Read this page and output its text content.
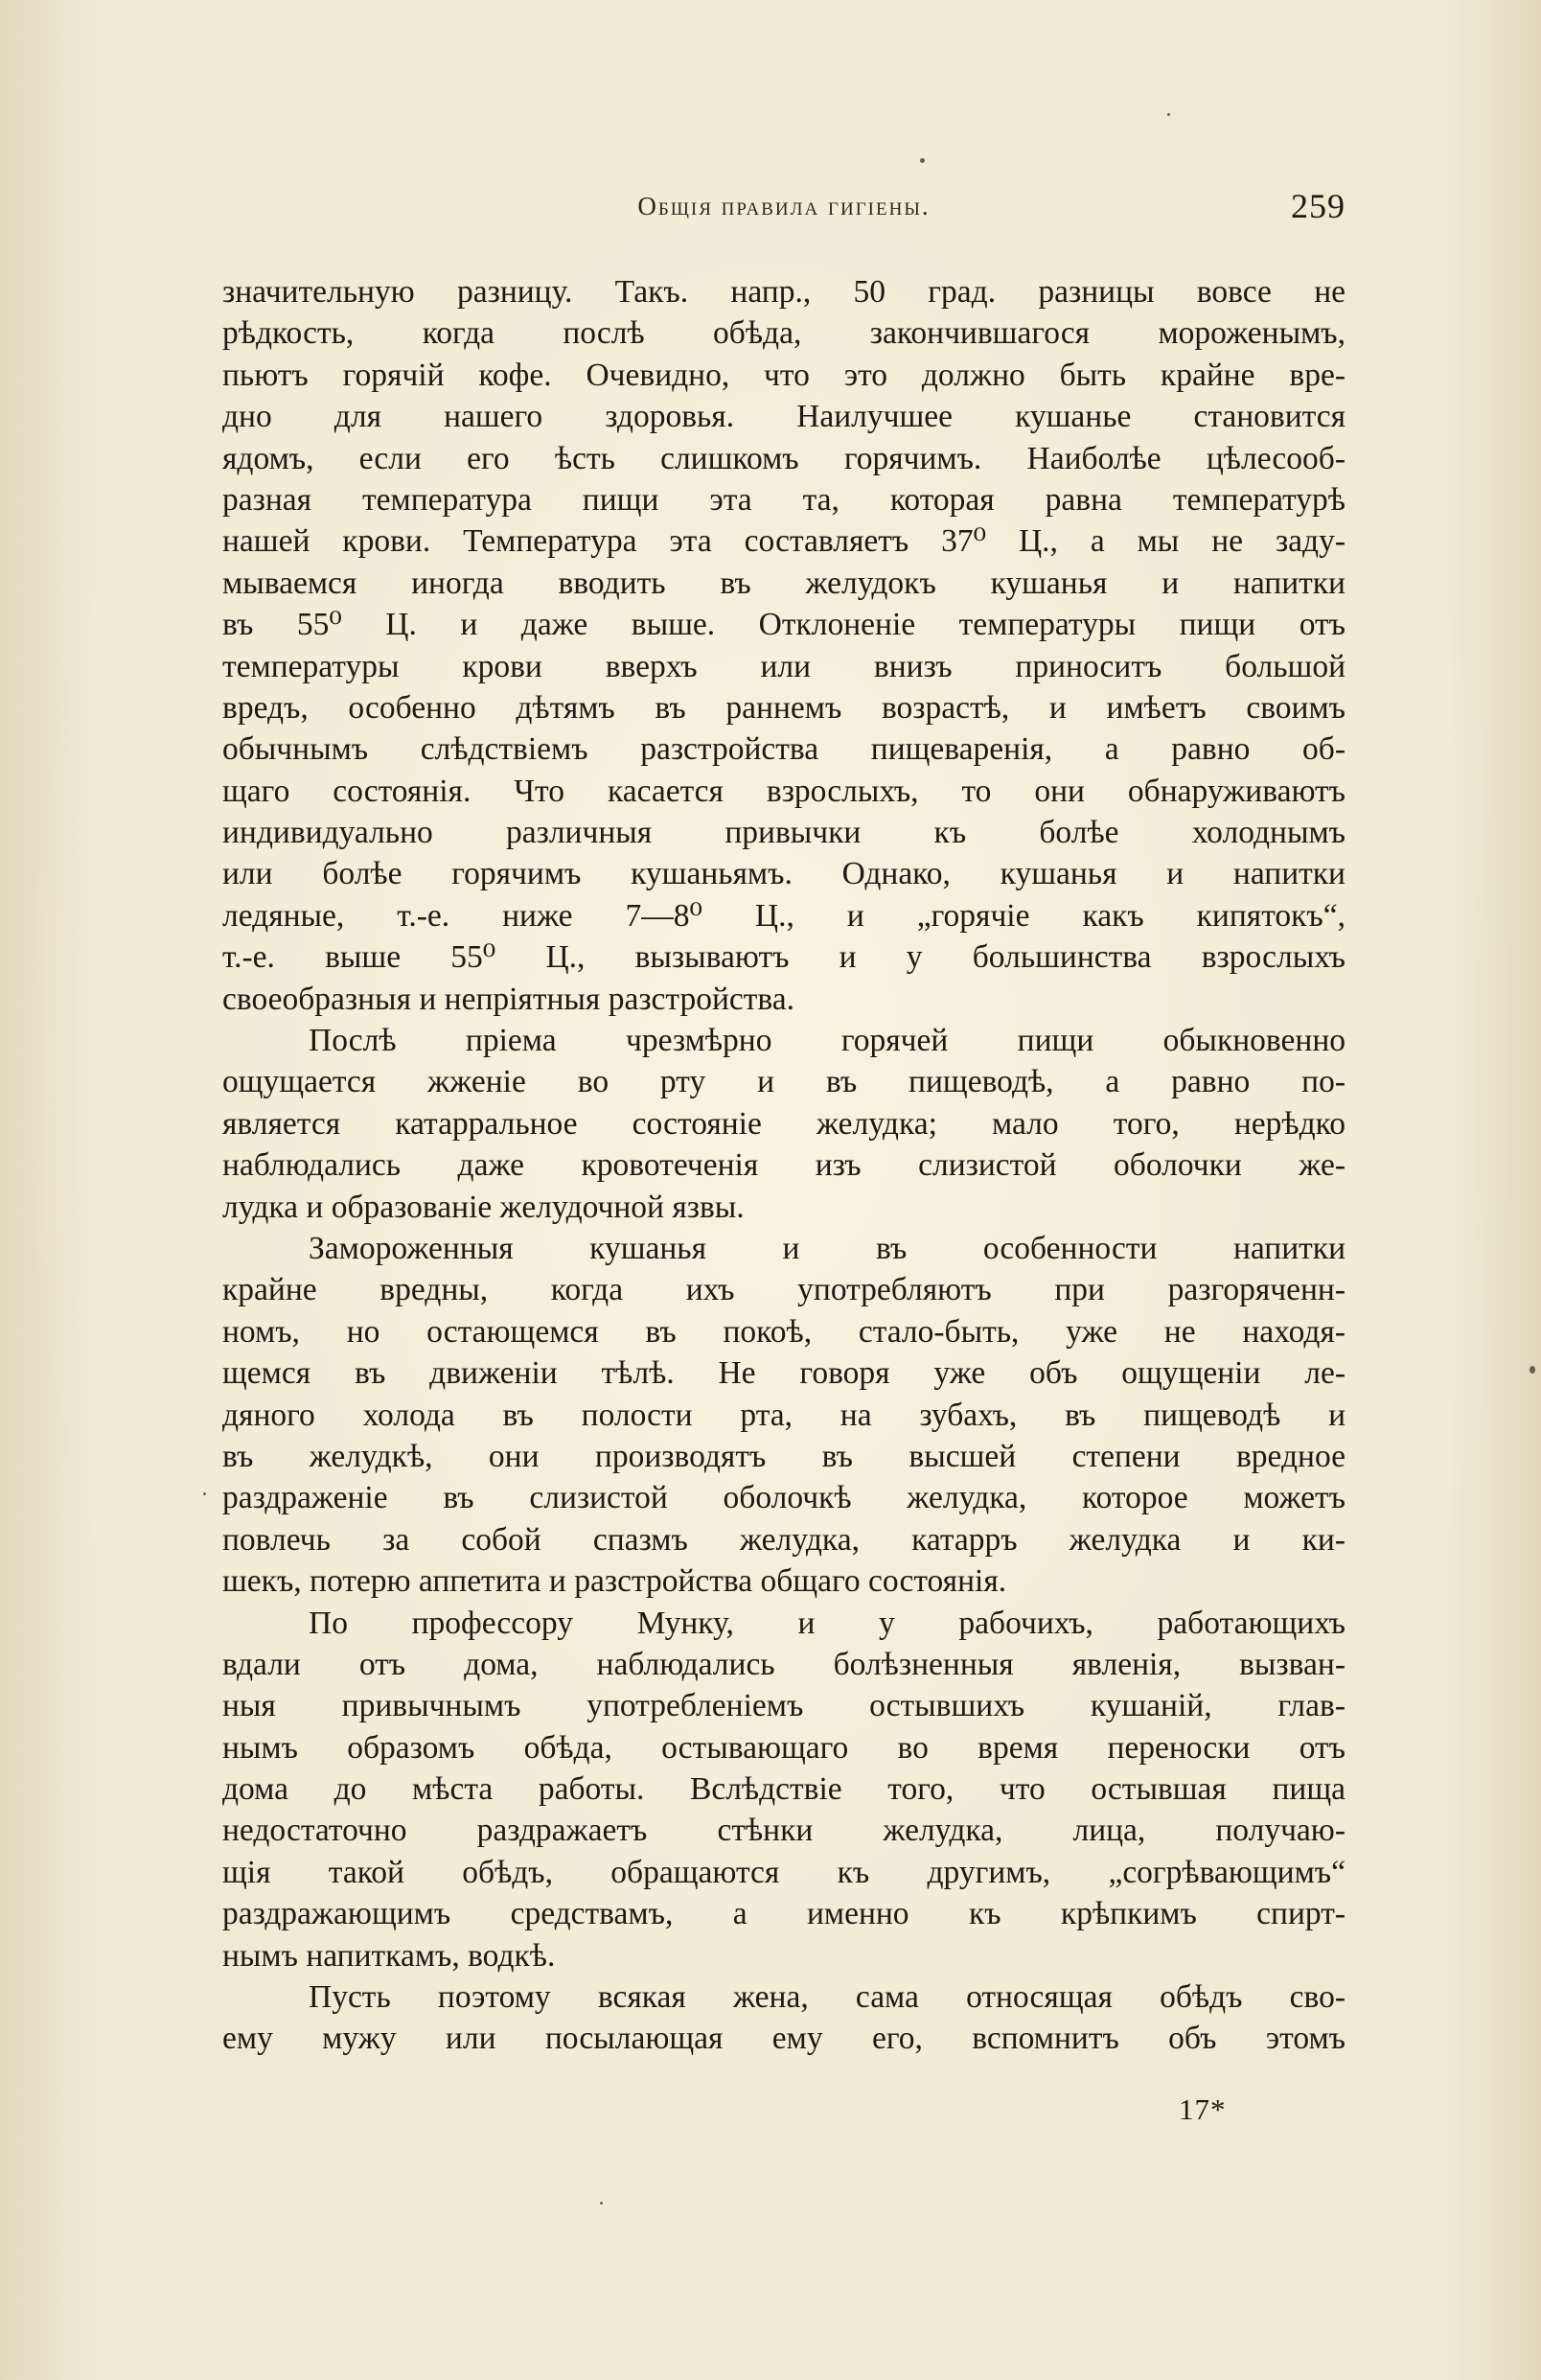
Общія правила гигіены.	259
значительную разницу. Такъ. напр., 50 град. разницы вовсе не
рѣдкость, когда послѣ обѣда, закончившагося мороженымъ,
пьютъ горячій кофе. Очевидно, что это должно быть крайне вре-
дно для нашего здоровья. Наилучшее кушанье становится
ядомъ, если его ѣсть слишкомъ горячимъ. Наиболѣе цѣлесооб-
разная температура пищи эта та, которая равна температурѣ
нашей крови. Температура эта составляетъ 37⁰ Ц., а мы не заду-
мываемся иногда вводить въ желудокъ кушанья и напитки
въ 55⁰ Ц. и даже выше. Отклоненіе температуры пищи отъ
температуры крови вверхъ или внизъ приноситъ большой
вредъ, особенно дѣтямъ въ раннемъ возрастѣ, и имѣетъ своимъ
обычнымъ слѣдствіемъ разстройства пищеваренія, а равно об-
щаго состоянія. Что касается взрослыхъ, то они обнаруживаютъ
индивидуально различныя привычки къ болѣе холоднымъ
или болѣе горячимъ кушаньямъ. Однако, кушанья и напитки
ледяные, т.-е. ниже 7—8⁰ Ц., и „горячіе какъ кипятокъ“,
т.-е. выше 55⁰ Ц., вызываютъ и у большинства взрослыхъ
своеобразныя и непріятныя разстройства.
Послѣ пріема чрезмѣрно горячей пищи обыкновенно
ощущается жженіе во рту и въ пищеводѣ, а равно по-
является катарральное состояніе желудка; мало того, нерѣдко
наблюдались даже кровотеченія изъ слизистой оболочки же-
лудка и образованіе желудочной язвы.
Замороженныя кушанья и въ особенности напитки
крайне вредны, когда ихъ употребляютъ при разгоряченн-
номъ, но остающемся въ покоѣ, стало-быть, уже не находя-
щемся въ движеніи тѣлѣ. Не говоря уже объ ощущеніи ле-
дяного холода въ полости рта, на зубахъ, въ пищеводѣ и
въ желудкѣ, они производятъ въ высшей степени вредное
раздраженіе въ слизистой оболочкѣ желудка, которое можетъ
повлечь за собой спазмъ желудка, катарръ желудка и ки-
шекъ, потерю аппетита и разстройства общаго состоянія.
По профессору Мунку, и у рабочихъ, работающихъ
вдали отъ дома, наблюдались болѣзненныя явленія, вызван-
ныя привычнымъ употребленіемъ остывшихъ кушаній, глав-
нымъ образомъ обѣда, остывающаго во время переноски отъ
дома до мѣста работы. Вслѣдствіе того, что остывшая пища
недостаточно раздражаетъ стѣнки желудка, лица, получаю-
щія такой обѣдъ, обращаются къ другимъ, „согрѣвающимъ“
раздражающимъ средствамъ, а именно къ крѣпкимъ спирт-
нымъ напиткамъ, водкѣ.
Пусть поэтому всякая жена, сама относящая обѣдъ сво-
ему мужу или посылающая ему его, вспомнитъ объ этомъ
17*
